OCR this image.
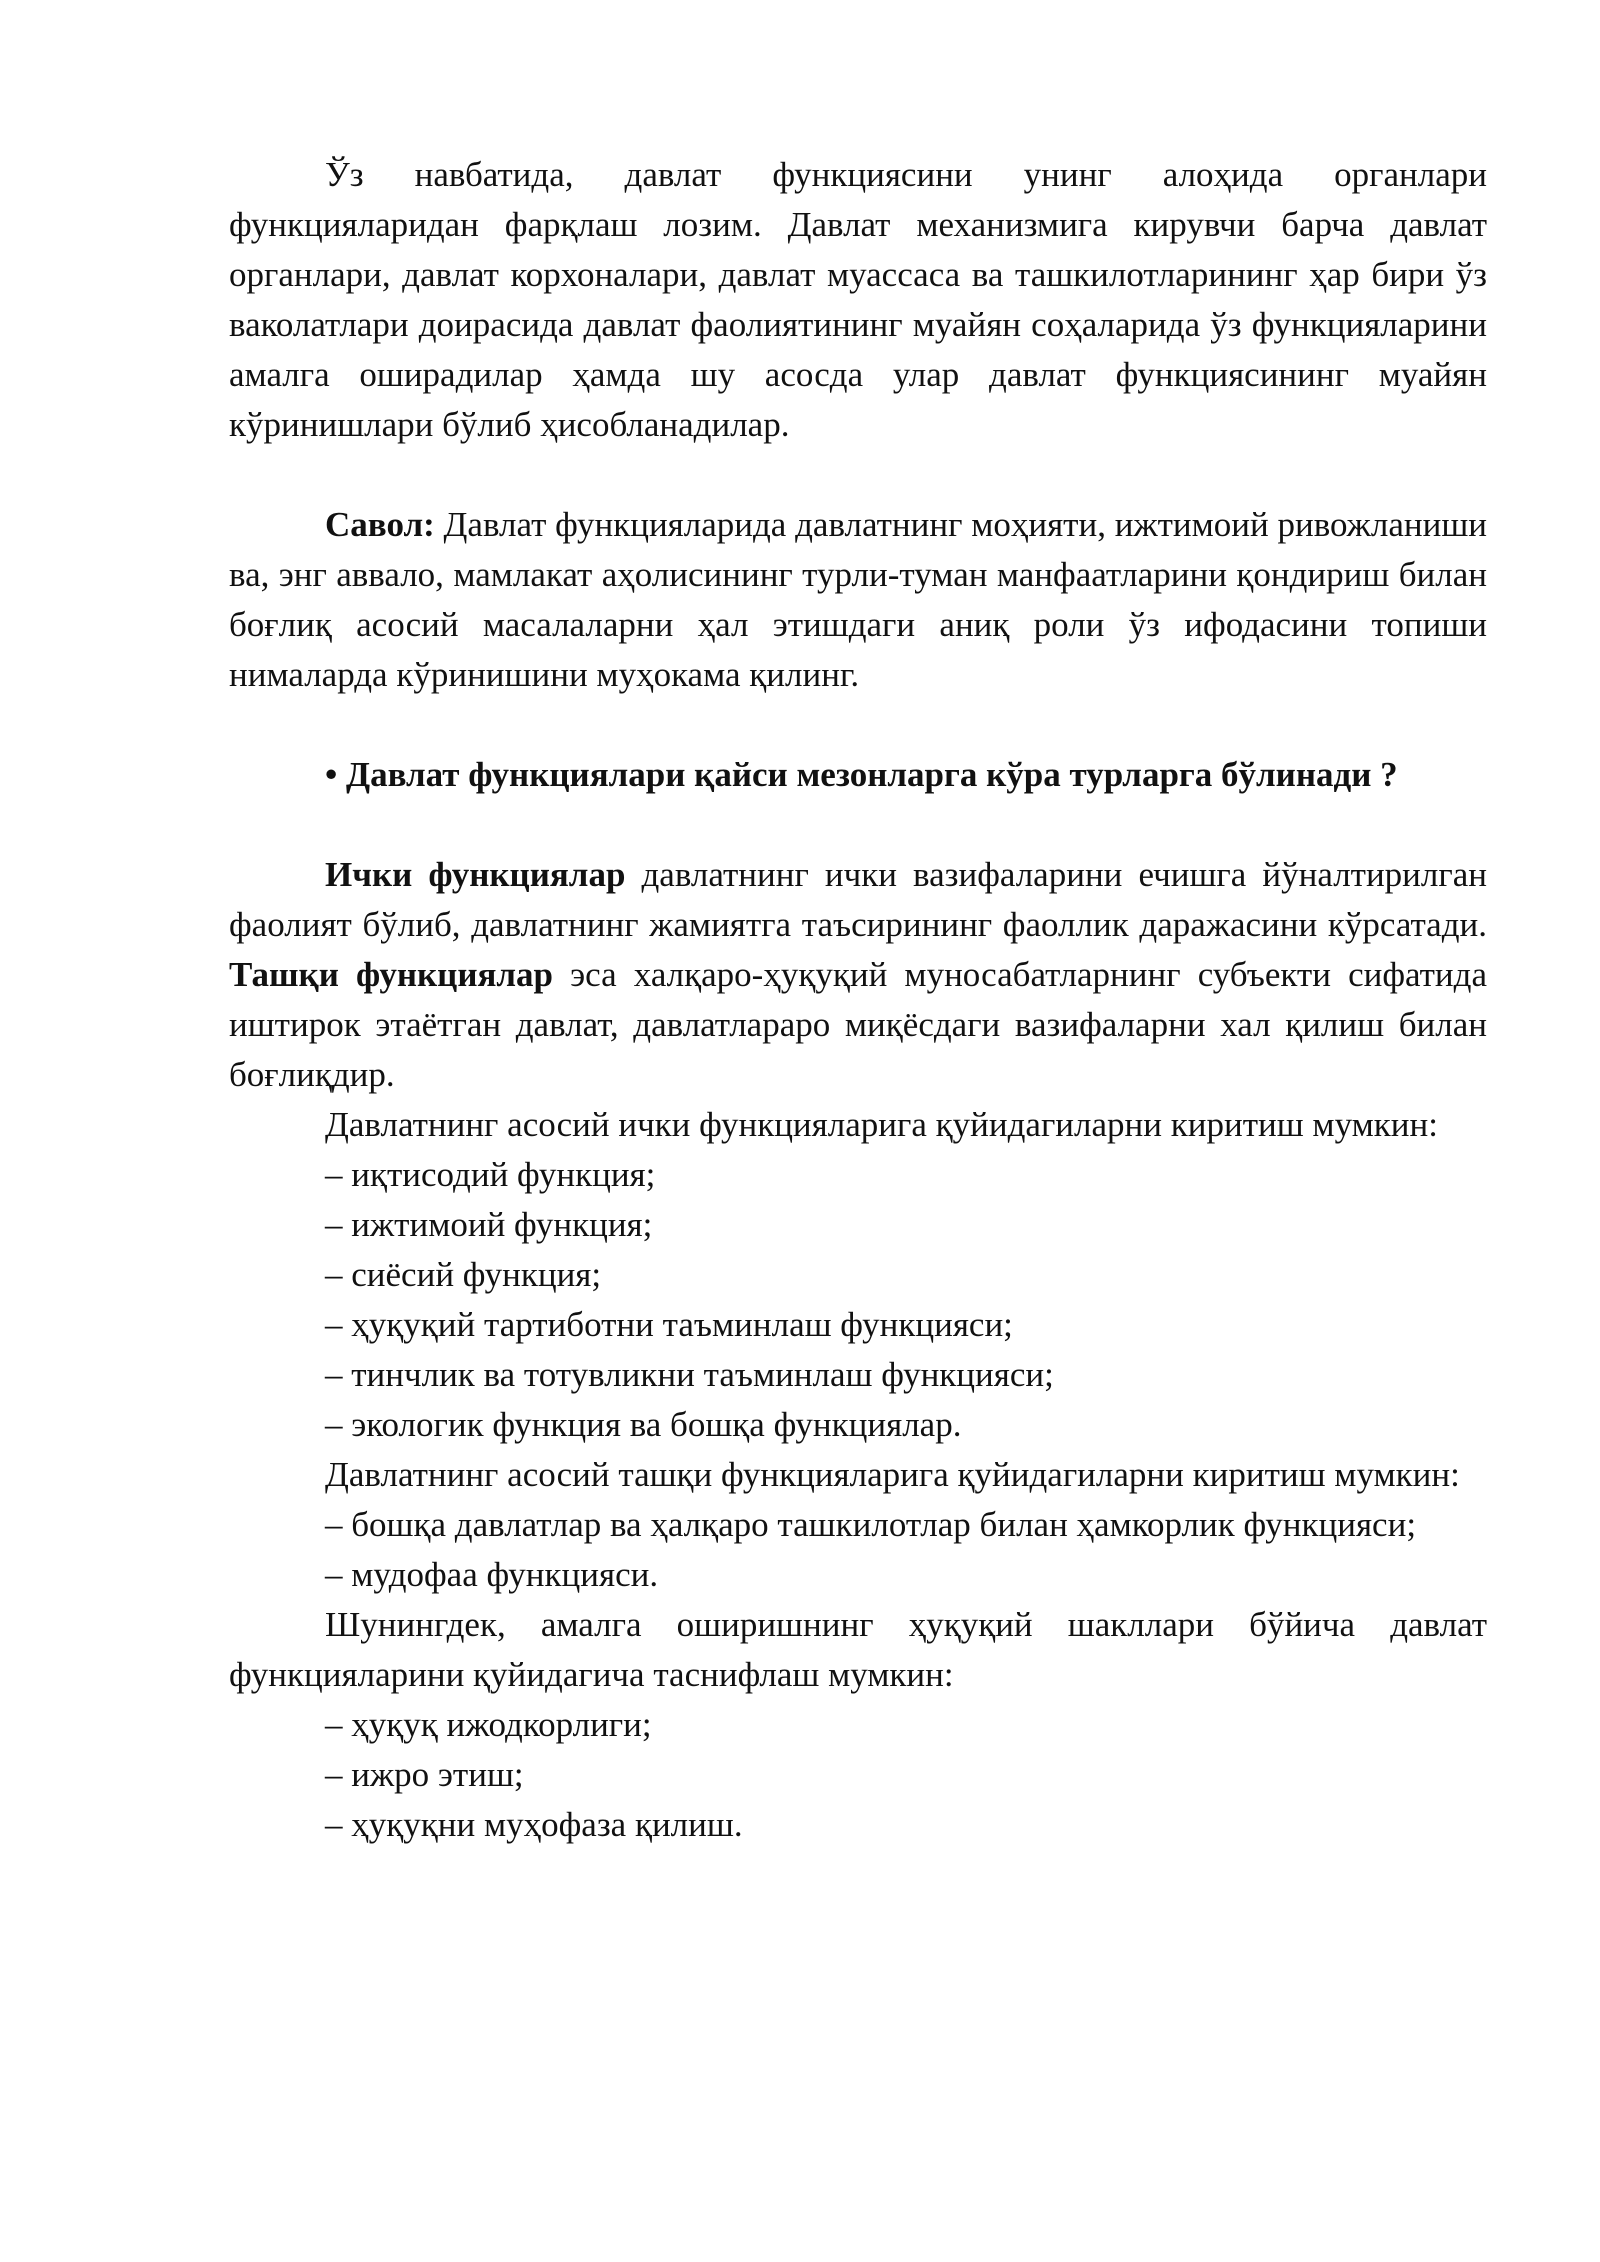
Ўз навбатида, давлат функциясини унинг алоҳида органлари функцияларидан фарқлаш лозим. Давлат механизмига кирувчи барча давлат органлари, давлат корхоналари, давлат муассаса ва ташкилотларининг ҳар бири ўз ваколатлари доирасида давлат фаолиятининг муайян соҳаларида ўз функцияларини амалга оширадилар ҳамда шу асосда улар давлат функциясининг муайян кўринишлари бўлиб ҳисобланадилар.

Савол: Давлат функцияларида давлатнинг моҳияти, ижтимоий ривожланиши ва, энг аввало, мамлакат аҳолисининг турли-туман манфаатларини қондириш билан боғлиқ асосий масалаларни ҳал этишдаги аниқ роли ўз ифодасини топиши нималарда кўринишини муҳокама қилинг.

• Давлат функциялари қайси мезонларга кўра турларга бўлинади ?

Ички функциялар давлатнинг ички вазифаларини ечишга йўналтирилган фаолият бўлиб, давлатнинг жамиятга таъсирининг фаоллик даражасини кўрсатади. Ташқи функциялар эса халқаро-ҳуқуқий муносабатларнинг субъекти сифатида иштирок этаётган давлат, давлатлараро миқёсдаги вазифаларни хал қилиш билан боғлиқдир.

Давлатнинг асосий ички функцияларига қуйидагиларни киритиш мумкин:

– иқтисодий функция;

– ижтимоий функция;

– сиёсий функция;

– ҳуқуқий тартиботни таъминлаш функцияси;

– тинчлик ва тотувликни таъминлаш функцияси;

– экологик функция ва бошқа функциялар.

Давлатнинг асосий ташқи функцияларига қуйидагиларни киритиш мумкин:

– бошқа давлатлар ва ҳалқаро ташкилотлар билан ҳамкорлик функцияси;

– мудофаа функцияси.

Шунингдек, амалга оширишнинг ҳуқуқий шакллари бўйича давлат функцияларини қуйидагича таснифлаш мумкин:

– ҳуқуқ ижодкорлиги;

– ижро этиш;

– ҳуқуқни муҳофаза қилиш.
